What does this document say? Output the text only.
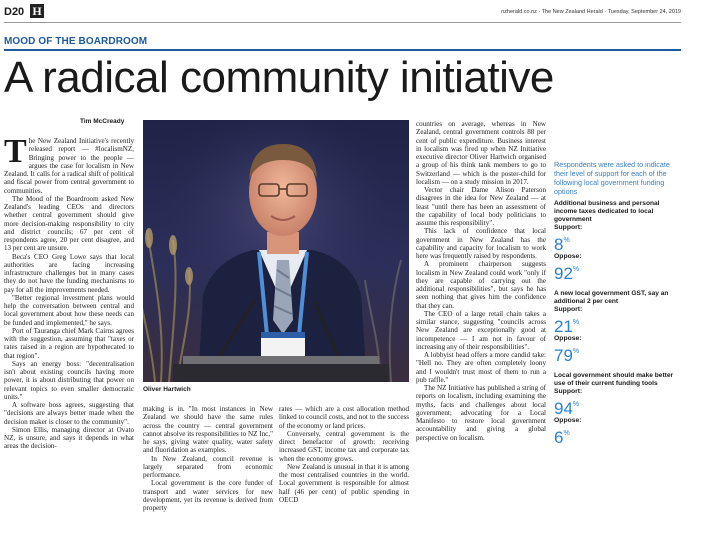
D20 H	nzherald.co.nz · The New Zealand Herald · Tuesday, September 24, 2019
MOOD OF THE BOARDROOM
A radical community initiative
Tim McCready

The New Zealand Initiative's recently released report — #localismNZ, Bringing power to the people — argues the case for localism in New Zealand. It calls for a radical shift of political and fiscal power from central government to communities.

The Mood of the Boardroom asked New Zealand's leading CEOs and directors whether central government should give more decision-making responsibility to city and district councils; 67 per cent of respondents agree, 20 per cent disagree, and 13 per cent are unsure.

Beca's CEO Greg Lowe says that local authorities are facing increasing infrastructure challenges but in many cases they do not have the funding mechanisms to pay for all the improvements needed.

"Better regional investment plans would help the conversation between central and local government about how these needs can be funded and implemented," he says.

Port of Tauranga chief Mark Cairns agrees with the suggestion, assuming that "taxes or rates raised in a region are hypothecated to that region".

Says an energy boss: "decentralisation isn't about existing councils having more power, it is about distributing that power on relevant topics to even smaller democratic units."

A software boss agrees, suggesting that "decisions are always better made when the decision maker is closer to the community".

Simon Ellis, managing director at Ovato NZ, is unsure, and says it depends in what areas the decision-

Oliver Hartwich

making is in. "In most instances in New Zealand we should have the same rules across the country — central government cannot absolve its responsibilities to NZ Inc," he says, giving water quality, water safety and fluoridation as examples.

In New Zealand, council revenue is largely separated from economic performance.

Local government is the core funder of transport and water services for new development, yet its revenue is derived from property

rates — which are a cost allocation method linked to council costs, and not to the success of the economy or land prices.

Conversely, central government is the direct benefactor of growth: receiving increased GST, income tax and corporate tax when the economy grows.

New Zealand is unusual in that it is among the most centralised countries in the world. Local government is responsible for almost half (46 per cent) of public spending in OECD

countries on average, whereas in New Zealand, central government controls 88 per cent of public expenditure. Business interest in localism was fired up when NZ Initiative executive director Oliver Hartwich organised a group of his think tank members to go to Switzerland — which is the poster-child for localism — on a study mission in 2017.

Vector chair Dame Alison Paterson disagrees in the idea for New Zealand — at least "until there has been an assessment of the capability of local body politicians to assume this responsibility".

This lack of confidence that local government in New Zealand has the capability and capacity for localism to work here was frequently raised by respondents.

A prominent chairperson suggests localism in New Zealand could work "only if they are capable of carrying out the additional responsibilities", but says he has seen nothing that gives him the confidence that they can.

The CEO of a large retail chain takes a similar stance, suggesting "councils across New Zealand are exceptionally good at incompetence — I am not in favour of increasing any of their responsibilities".

A lobbyist head offers a more candid take: "Hell no. They are often completely loony and I wouldn't trust most of them to run a pub raffle."

The NZ Initiative has published a string of reports on localism, including examining the myths, facts and challenges about local government; advocating for a Local Manifesto to restore local government accountability and giving a global perspective on localism.

Respondents were asked to indicate their level of support for each of the following local government funding options
Additional business and personal income taxes dedicated to local government
Support:
8%
Oppose:
92%
A new local government GST, say an additional 2 per cent
Support:
21%
Oppose:
79%
Local government should make better use of their current funding tools
Support:
94%
Oppose:
6%
